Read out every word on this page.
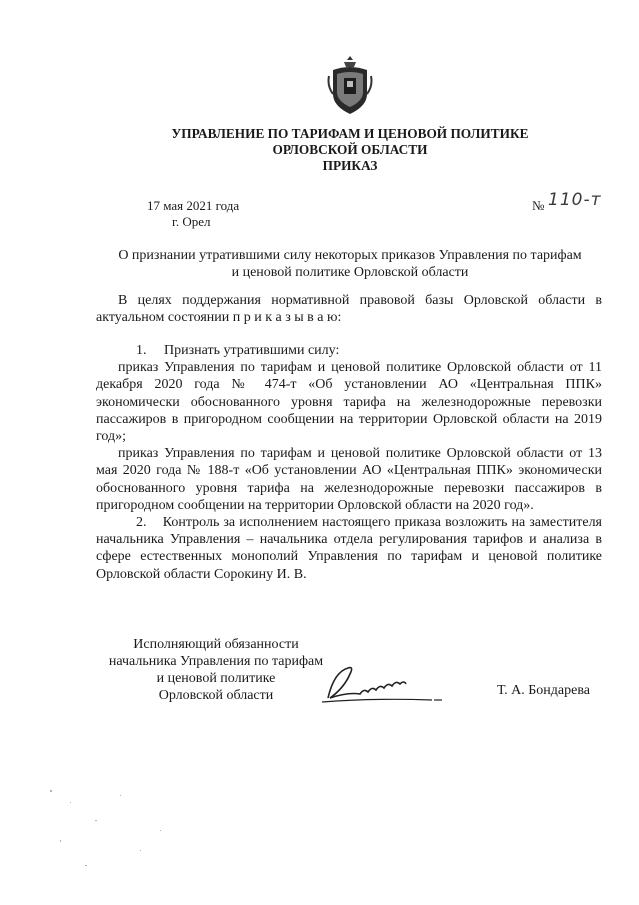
УПРАВЛЕНИЕ ПО ТАРИФАМ И ЦЕНОВОЙ ПОЛИТИКЕ
ОРЛОВСКОЙ ОБЛАСТИ
ПРИКАЗ
17 мая 2021 года
г. Орел
№ 110-т
О признании утратившими силу некоторых приказов Управления по тарифам
и ценовой политике Орловской области
В целях поддержания нормативной правовой базы Орловской области в актуальном состоянии п р и к а з ы в а ю:
1. Признать утратившими силу:
приказ Управления по тарифам и ценовой политике Орловской области от 11 декабря 2020 года № 474-т «Об установлении АО «Центральная ППК» экономически обоснованного уровня тарифа на железнодорожные перевозки пассажиров в пригородном сообщении на территории Орловской области на 2019 год»;
приказ Управления по тарифам и ценовой политике Орловской области от 13 мая 2020 года № 188-т «Об установлении АО «Центральная ППК» экономически обоснованного уровня тарифа на железнодорожные перевозки пассажиров в пригородном сообщении на территории Орловской области на 2020 год».
2. Контроль за исполнением настоящего приказа возложить на заместителя начальника Управления – начальника отдела регулирования тарифов и анализа в сфере естественных монополий Управления по тарифам и ценовой политике Орловской области Сорокину И. В.
Исполняющий обязанности
начальника Управления по тарифам
и ценовой политике
Орловской области	Т. А. Бондарева
